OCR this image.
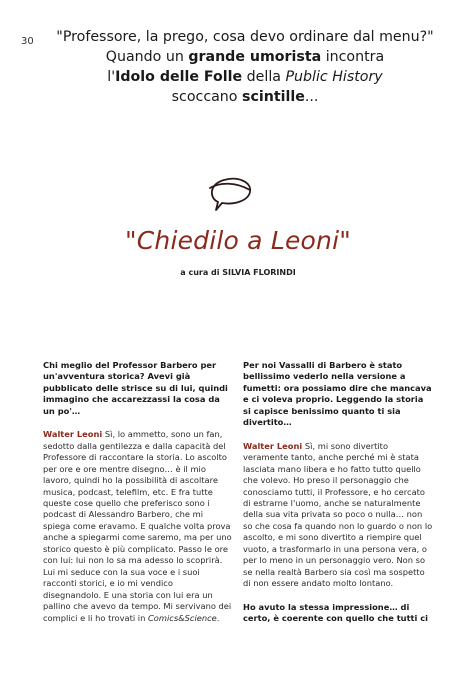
30	"Professore, la prego, cosa devo ordinare dal menu?"
Quando un grande umorista incontra
l'Idolo delle Folle della Public History
scoccano scintille...
"Chiedilo a Leoni"
a cura di SILVIA FLORINDI

Chi meglio del Professor Barbero per un'avventura storica? Avevi già pubblicato delle strisce su di lui, quindi immagino che accarezzassi la cosa da un po'…

Walter Leoni Sì, lo ammetto, sono un fan, sedotto dalla gentilezza e dalla capacità del Professore di raccontare la storia. Lo ascolto per ore e ore mentre disegno… è il mio lavoro, quindi ho la possibilità di ascoltare musica, podcast, telefilm, etc. E fra tutte queste cose quello che preferisco sono i podcast di Alessandro Barbero, che mi spiega come eravamo. E qualche volta prova anche a spiegarmi come saremo, ma per uno storico questo è più complicato. Passo le ore con lui: lui non lo sa ma adesso lo scoprirà. Lui mi seduce con la sua voce e i suoi racconti storici, e io mi vendico disegnandolo. E una storia con lui era un pallino che avevo da tempo. Mi servivano dei complici e li ho trovati in Comics&Science.

Per noi Vassalli di Barbero è stato bellissimo vederlo nella versione a fumetti: ora possiamo dire che mancava e ci voleva proprio. Leggendo la storia si capisce benissimo quanto ti sia divertito…

Walter Leoni Sì, mi sono divertito veramente tanto, anche perché mi è stata lasciata mano libera e ho fatto tutto quello che volevo. Ho preso il personaggio che conosciamo tutti, il Professore, e ho cercato di estrarne l'uomo, anche se naturalmente della sua vita privata so poco o nulla… non so che cosa fa quando non lo guardo o non lo ascolto, e mi sono divertito a riempire quel vuoto, a trasformarlo in una persona vera, o per lo meno in un personaggio vero. Non so se nella realtà Barbero sia così ma sospetto di non essere andato molto lontano.

Ho avuto la stessa impressione… di certo, è coerente con quello che tutti ci
